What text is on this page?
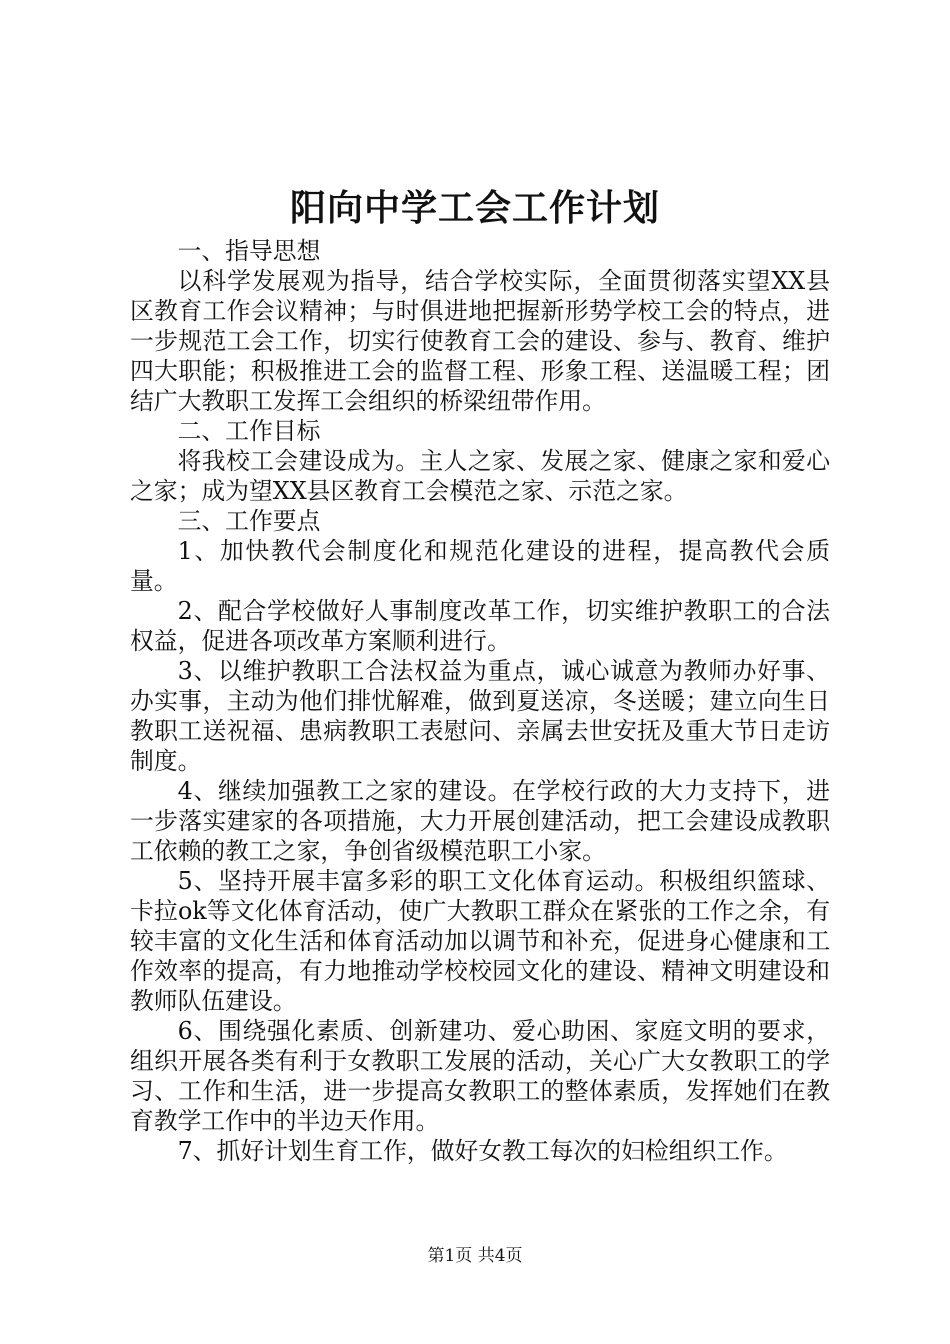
阳向中学工会工作计划

一、指导思想

以科学发展观为指导，结合学校实际，全面贯彻落实望XX县区教育工作会议精神；与时俱进地把握新形势学校工会的特点，进一步规范工会工作，切实行使教育工会的建设、参与、教育、维护四大职能；积极推进工会的监督工程、形象工程、送温暖工程；团结广大教职工发挥工会组织的桥梁纽带作用。

二、工作目标

将我校工会建设成为。主人之家、发展之家、健康之家和爱心之家；成为望XX县区教育工会模范之家、示范之家。

三、工作要点

1、加快教代会制度化和规范化建设的进程，提高教代会质量。

2、配合学校做好人事制度改革工作，切实维护教职工的合法权益，促进各项改革方案顺利进行。

3、以维护教职工合法权益为重点，诚心诚意为教师办好事、办实事，主动为他们排忧解难，做到夏送凉，冬送暖；建立向生日教职工送祝福、患病教职工表慰问、亲属去世安抚及重大节日走访制度。

4、继续加强教工之家的建设。在学校行政的大力支持下，进一步落实建家的各项措施，大力开展创建活动，把工会建设成教职工依赖的教工之家，争创省级模范职工小家。

5、坚持开展丰富多彩的职工文化体育运动。积极组织篮球、卡拉ok等文化体育活动，使广大教职工群众在紧张的工作之余，有较丰富的文化生活和体育活动加以调节和补充，促进身心健康和工作效率的提高，有力地推动学校校园文化的建设、精神文明建设和教师队伍建设。

6、围绕强化素质、创新建功、爱心助困、家庭文明的要求，组织开展各类有利于女教职工发展的活动，关心广大女教职工的学习、工作和生活，进一步提高女教职工的整体素质，发挥她们在教育教学工作中的半边天作用。

7、抓好计划生育工作，做好女教工每次的妇检组织工作。

第1页 共4页
